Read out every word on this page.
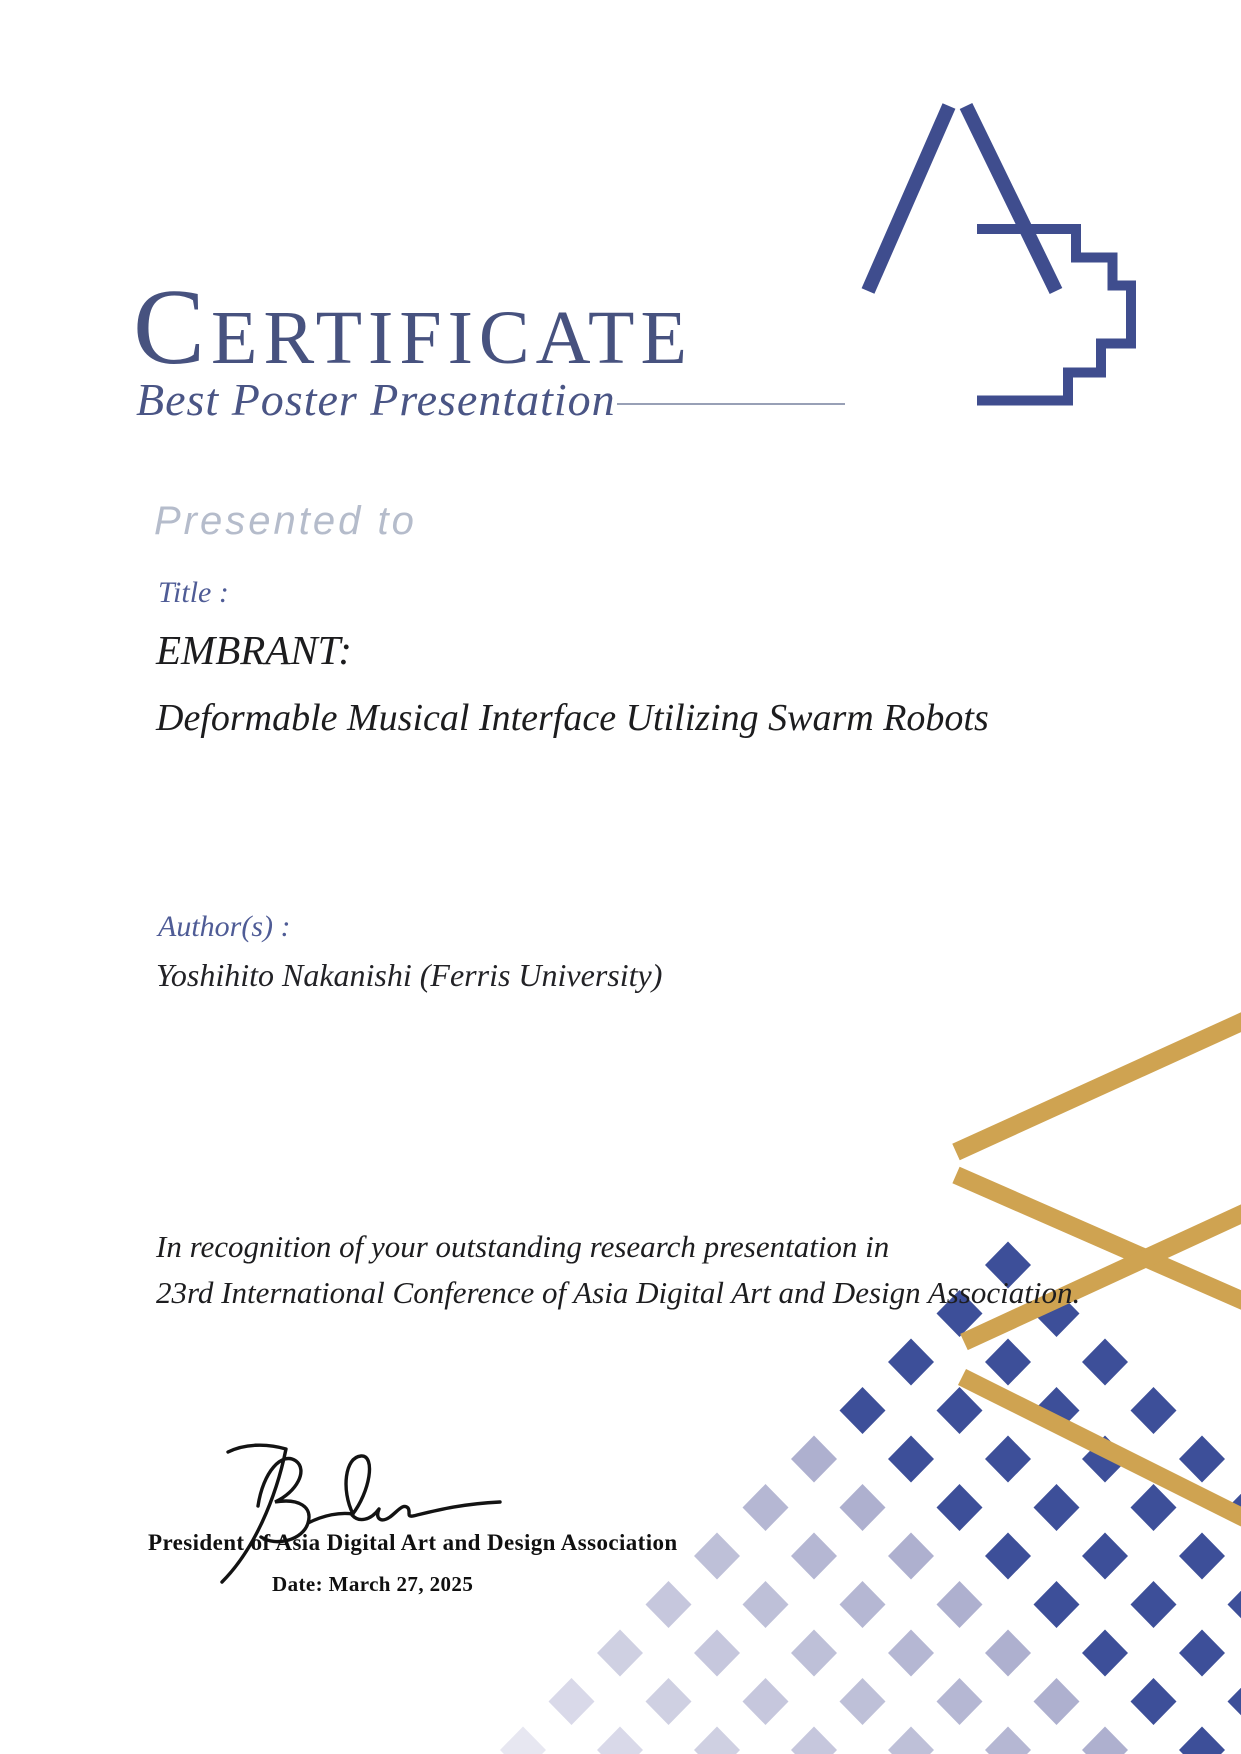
Certificate
Best Poster Presentation
Presented to
Title :
EMBRANT:
Deformable Musical Interface Utilizing Swarm Robots
Author(s) :
Yoshihito Nakanishi (Ferris University)
In recognition of your outstanding research presentation in
23rd International Conference of Asia Digital Art and Design Association.
President of Asia Digital Art and Design Association
Date: March 27, 2025
